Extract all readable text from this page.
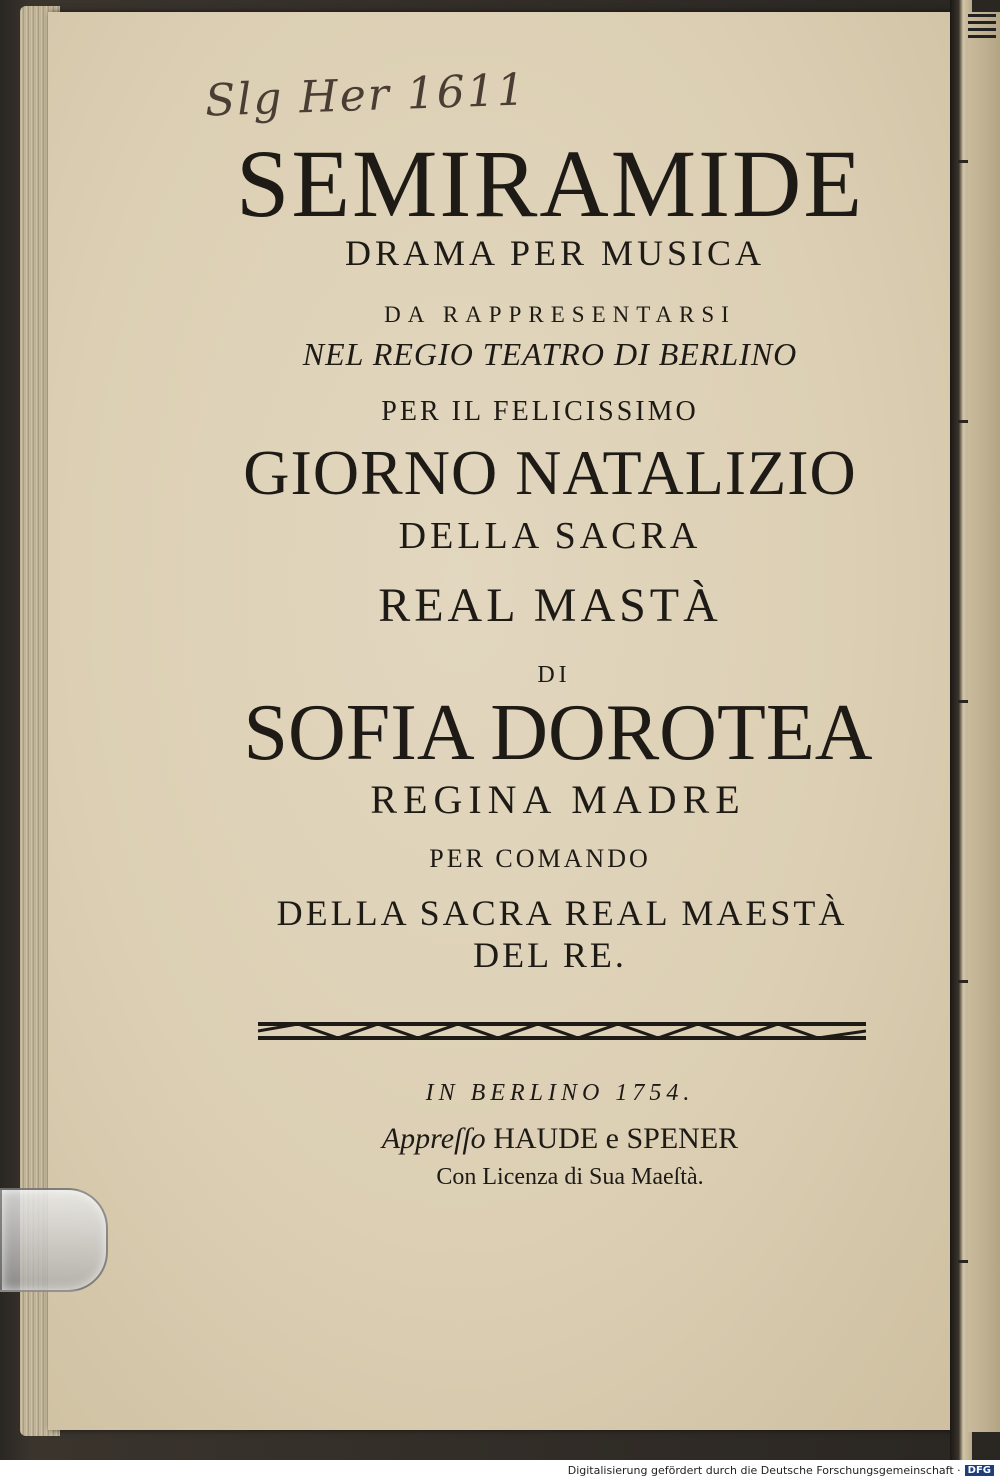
Slg Her 1611
SEMIRAMIDE
DRAMA PER MUSICA
DA RAPPRESENTARSI
NEL REGIO TEATRO DI BERLINO
PER IL FELICISSIMO
GIORNO NATALIZIO
DELLA SACRA
REAL MASTÀ
DI
SOFIA DOROTEA
REGINA MADRE
PER COMANDO
DELLA SACRA REAL MAESTÀ
DEL RE.
IN BERLINO 1754.
Appreſſo HAUDE e SPENER
Con Licenza di Sua Maeſtà.
Digitalisierung gefördert durch die Deutsche Forschungsgemeinschaft · DFG
